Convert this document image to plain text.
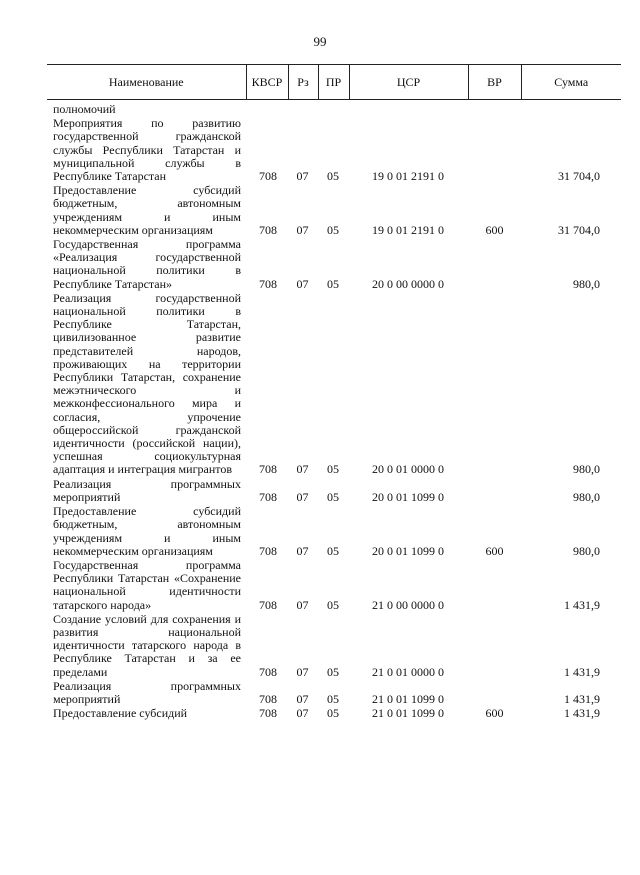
99
Наименование	КВСР	Рз	ПР	ЦСР	ВР	Сумма
полномочий						
Мероприятия по развитию государственной гражданской службы Республики Татарстан и муниципальной службы в Республике Татарстан	708	07	05	19 0 01 2191 0		31 704,0
Предоставление субсидий бюджетным, автономным учреждениям и иным некоммерческим организациям	708	07	05	19 0 01 2191 0	600	31 704,0
Государственная программа «Реализация государственной национальной политики в Республике Татарстан»	708	07	05	20 0 00 0000 0		980,0
Реализация государственной национальной политики в Республике Татарстан, цивилизованное развитие представителей народов, проживающих на территории Республики Татарстан, сохранение межэтнического и межконфессионального мира и согласия, упрочение общероссийской гражданской идентичности (российской нации), успешная социокультурная адаптация и интеграция мигрантов	708	07	05	20 0 01 0000 0		980,0
Реализация программных мероприятий	708	07	05	20 0 01 1099 0		980,0
Предоставление субсидий бюджетным, автономным учреждениям и иным некоммерческим организациям	708	07	05	20 0 01 1099 0	600	980,0
Государственная программа Республики Татарстан «Сохранение национальной идентичности татарского народа»	708	07	05	21 0 00 0000 0		1 431,9
Создание условий для сохранения и развития национальной идентичности татарского народа в Республике Татарстан и за ее пределами	708	07	05	21 0 01 0000 0		1 431,9
Реализация программных мероприятий	708	07	05	21 0 01 1099 0		1 431,9
Предоставление субсидий	708	07	05	21 0 01 1099 0	600	1 431,9
